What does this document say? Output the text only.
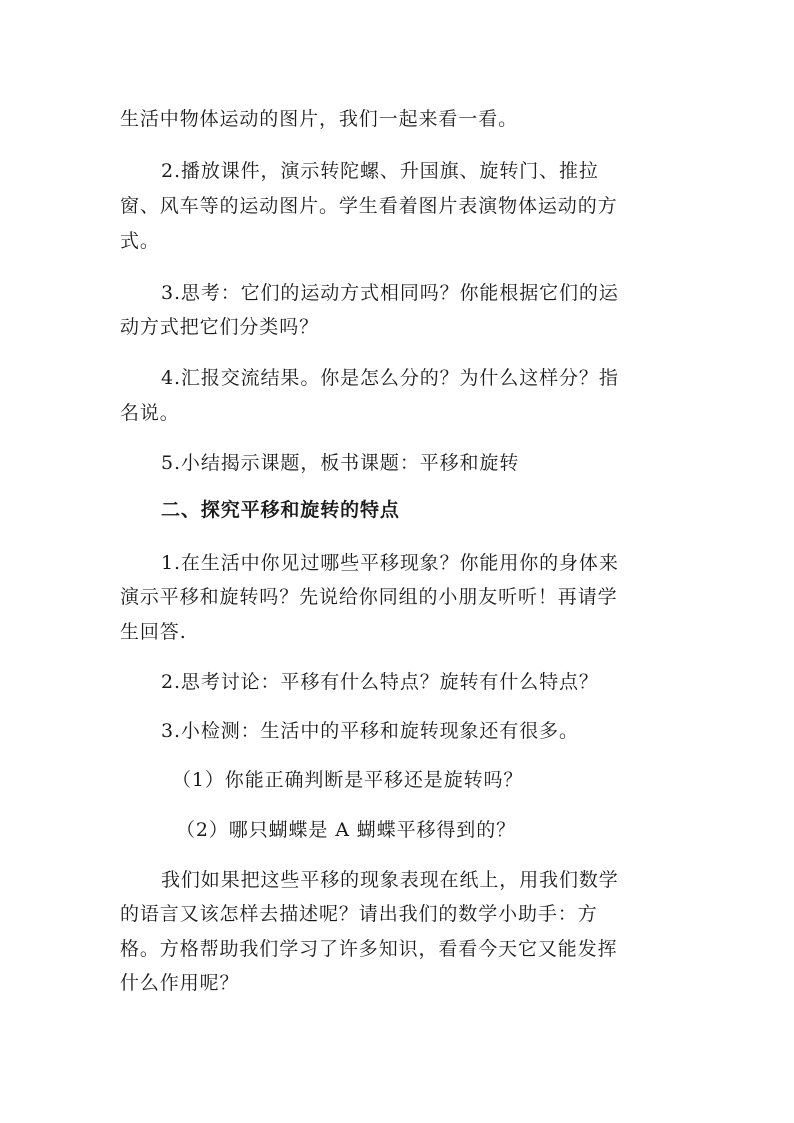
生活中物体运动的图片，我们一起来看一看。
2.播放课件，演示转陀螺、升国旗、旋转门、推拉
窗、风车等的运动图片。学生看着图片表演物体运动的方
式。
3.思考：它们的运动方式相同吗？你能根据它们的运
动方式把它们分类吗？
4.汇报交流结果。你是怎么分的？为什么这样分？指
名说。
5.小结揭示课题，板书课题：平移和旋转
二、探究平移和旋转的特点
1.在生活中你见过哪些平移现象？你能用你的身体来
演示平移和旋转吗？先说给你同组的小朋友听听！再请学
生回答.
2.思考讨论：平移有什么特点？旋转有什么特点？
3.小检测：生活中的平移和旋转现象还有很多。
（1）你能正确判断是平移还是旋转吗？
（2）哪只蝴蝶是 A 蝴蝶平移得到的？
我们如果把这些平移的现象表现在纸上，用我们数学
的语言又该怎样去描述呢？请出我们的数学小助手：方
格。方格帮助我们学习了许多知识，看看今天它又能发挥
什么作用呢？
